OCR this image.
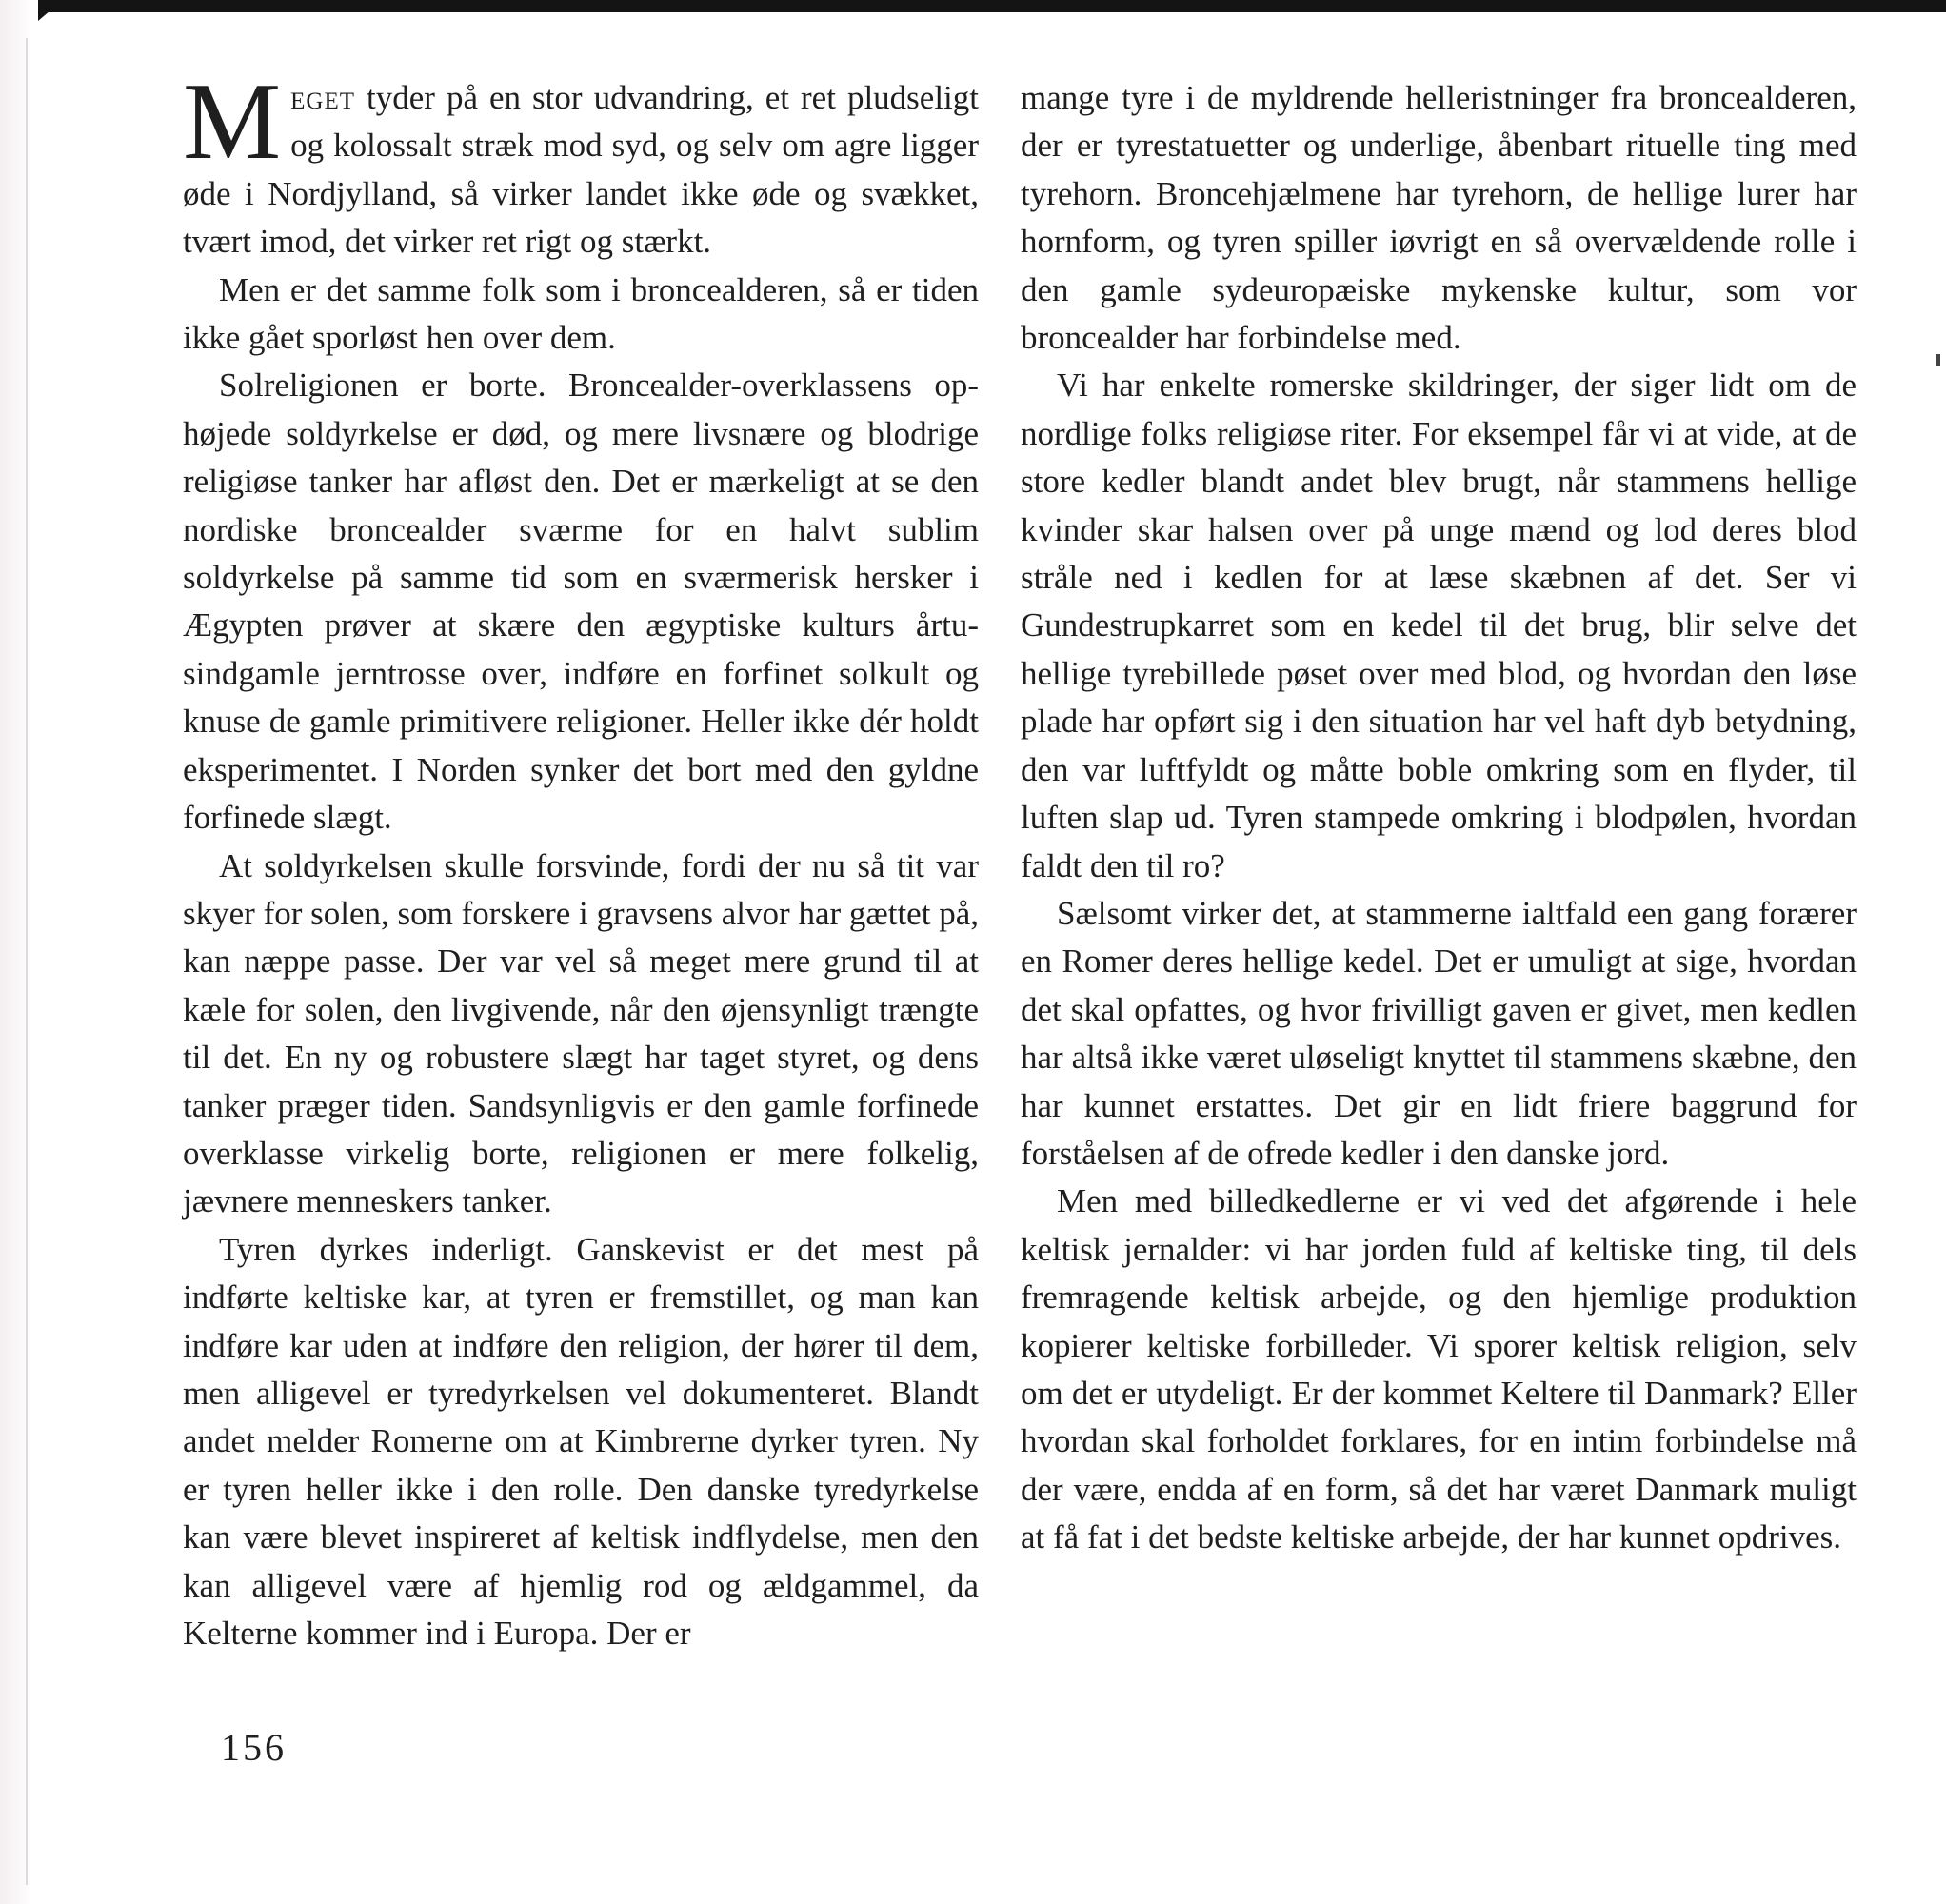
Meget tyder på en stor udvandring, et ret pludseligt og kolossalt stræk mod syd, og selv om agre ligger øde i Nordjylland, så virker landet ikke øde og svækket, tvært imod, det virker ret rigt og stærkt.

Men er det samme folk som i broncealderen, så er tiden ikke gået sporløst hen over dem.

Solreligionen er borte. Broncealder-overklassens ophøjede soldyrkelse er død, og mere livsnære og blodrige religiøse tanker har afløst den. Det er mærkeligt at se den nordiske broncealder sværme for en halvt sublim soldyrkelse på samme tid som en sværmerisk hersker i Ægypten prøver at skære den ægyptiske kulturs årtusindgamle jerntrosse over, indføre en forfinet solkult og knuse de gamle primitivere religioner. Heller ikke dér holdt eksperimentet. I Norden synker det bort med den gyldne forfinede slægt.

At soldyrkelsen skulle forsvinde, fordi der nu så tit var skyer for solen, som forskere i gravsens alvor har gættet på, kan næppe passe. Der var vel så meget mere grund til at kæle for solen, den livgivende, når den øjensynligt trængte til det. En ny og robustere slægt har taget styret, og dens tanker præger tiden. Sandsynligvis er den gamle forfinede overklasse virkelig borte, religionen er mere folkelig, jævnere menneskers tanker.

Tyren dyrkes inderligt. Ganskevist er det mest på indførte keltiske kar, at tyren er fremstillet, og man kan indføre kar uden at indføre den religion, der hører til dem, men alligevel er tyredyrkelsen vel dokumenteret. Blandt andet melder Romerne om at Kimbrerne dyrker tyren. Ny er tyren heller ikke i den rolle. Den danske tyredyrkelse kan være blevet inspireret af keltisk indflydelse, men den kan alligevel være af hjemlig rod og ældgammel, da Kelterne kommer ind i Europa. Der er

mange tyre i de myldrende helleristninger fra broncealderen, der er tyrestatuetter og underlige, åbenbart rituelle ting med tyrehorn. Broncehjælmene har tyrehorn, de hellige lurer har hornform, og tyren spiller iøvrigt en så overvældende rolle i den gamle sydeuropæiske mykenske kultur, som vor broncealder har forbindelse med.

Vi har enkelte romerske skildringer, der siger lidt om de nordlige folks religiøse riter. For eksempel får vi at vide, at de store kedler blandt andet blev brugt, når stammens hellige kvinder skar halsen over på unge mænd og lod deres blod stråle ned i kedlen for at læse skæbnen af det. Ser vi Gundestrupkarret som en kedel til det brug, blir selve det hellige tyrebillede pøset over med blod, og hvordan den løse plade har opført sig i den situation har vel haft dyb betydning, den var luftfyldt og måtte boble omkring som en flyder, til luften slap ud. Tyren stampede omkring i blodpølen, hvordan faldt den til ro?

Sælsomt virker det, at stammerne ialtfald een gang forærer en Romer deres hellige kedel. Det er umuligt at sige, hvordan det skal opfattes, og hvor frivilligt gaven er givet, men kedlen har altså ikke været uløseligt knyttet til stammens skæbne, den har kunnet erstattes. Det gir en lidt friere baggrund for forståelsen af de ofrede kedler i den danske jord.

Men med billedkedlerne er vi ved det afgørende i hele keltisk jernalder: vi har jorden fuld af keltiske ting, til dels fremragende keltisk arbejde, og den hjemlige produktion kopierer keltiske forbilleder. Vi sporer keltisk religion, selv om det er utydeligt. Er der kommet Keltere til Danmark? Eller hvordan skal forholdet forklares, for en intim forbindelse må der være, endda af en form, så det har været Danmark muligt at få fat i det bedste keltiske arbejde, der har kunnet opdrives.

156
